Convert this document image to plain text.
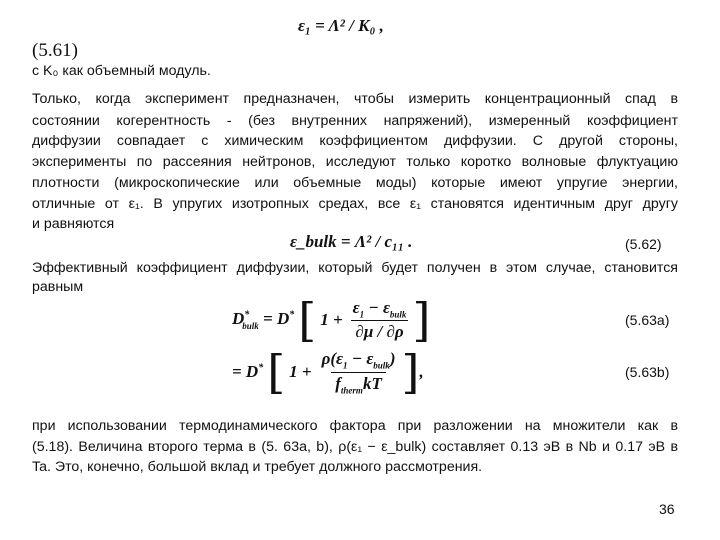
ε₁ = Λ² / K₀ ,
(5.61)
с K₀ как объемный модуль.
Только, когда эксперимент предназначен, чтобы измерить концентрационный спад в
состоянии когерентность - (без внутренних напряжений), измеренный коэффициент
диффузии совпадает с химическим коэффициентом диффузии. С другой стороны,
эксперименты по рассеяния нейтронов, исследуют только коротко волновые флуктуацию
плотности (микроскопические или объемные моды) которые имеют упругие энергии,
отличные от ε₁. В упругих изотропных средах, все ε₁ становятся идентичным друг другу
и равняются
ε_bulk = Λ² / c₁₁ .	(5.62)
Эффективный коэффициент диффузии, который будет получен в этом случае, становится
равным
$D^*_{bulk} = D^*$ [ $1 + \frac{\varepsilon_1 - \varepsilon_{bulk}}{\partial\mu / \partial\rho}$ ]	(5.63a)
= D* [ $1 + \frac{\rho(\varepsilon_1 - \varepsilon_{bulk})}{f_{therm}kT}$ ] ,	(5.63b)
при использовании термодинамического фактора при разложении на множители как в
(5.18). Величина второго терма в (5. 63a, b), ρ(ε₁ − ε_bulk) составляет 0.13 эВ в Nb и 0.17 эВ в
Ta. Это, конечно, большой вклад и требует должного рассмотрения.
36
